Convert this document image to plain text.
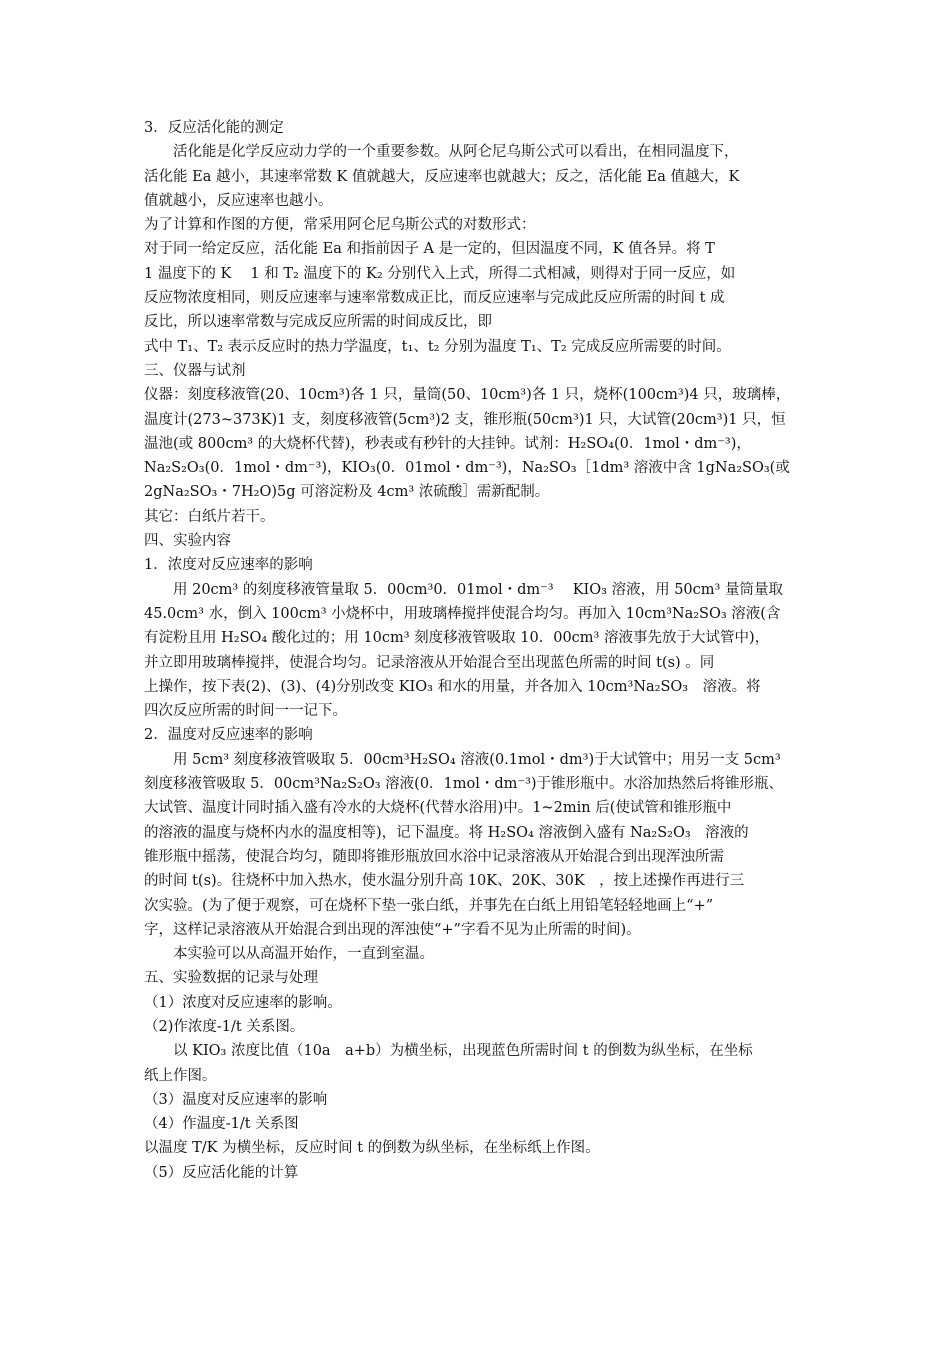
3．反应活化能的测定
活化能是化学反应动力学的一个重要参数。从阿仑尼乌斯公式可以看出，在相同温度下，
活化能 Ea 越小，其速率常数 K 值就越大，反应速率也就越大；反之，活化能 Ea 值越大，K
值就越小，反应速率也越小。
为了计算和作图的方便，常采用阿仑尼乌斯公式的对数形式：
对于同一给定反应，活化能 Ea 和指前因子 A 是一定的，但因温度不同，K 值各异。将 T
1 温度下的 K　 1 和 T₂ 温度下的 K₂ 分别代入上式，所得二式相减，则得对于同一反应，如
反应物浓度相同，则反应速率与速率常数成正比，而反应速率与完成此反应所需的时间 t 成
反比，所以速率常数与完成反应所需的时间成反比，即
式中 T₁、T₂ 表示反应时的热力学温度，t₁、t₂ 分别为温度 T₁、T₂ 完成反应所需要的时间。
三、仪器与试剂
仪器：刻度移液管(20、10cm³)各 1 只，量筒(50、10cm³)各 1 只，烧杯(100cm³)4 只，玻璃棒，
温度计(273~373K)1 支，刻度移液管(5cm³)2 支，锥形瓶(50cm³)1 只，大试管(20cm³)1 只，恒
温池(或 800cm³ 的大烧杯代替)，秒表或有秒针的大挂钟。试剂：H₂SO₄(0．1mol・dm⁻³)，
Na₂S₂O₃(0．1mol・dm⁻³)，KIO₃(0．01mol・dm⁻³)，Na₂SO₃［1dm³ 溶液中含 1gNa₂SO₃(或
2gNa₂SO₃・7H₂O)5g 可溶淀粉及 4cm³ 浓硫酸］需新配制。
其它：白纸片若干。
四、实验内容
1．浓度对反应速率的影响
用 20cm³ 的刻度移液管量取 5．00cm³0．01mol・dm⁻³　 KIO₃ 溶液，用 50cm³ 量筒量取
45.0cm³ 水，倒入 100cm³ 小烧杯中，用玻璃棒搅拌使混合均匀。再加入 10cm³Na₂SO₃ 溶液(含
有淀粉且用 H₂SO₄ 酸化过的；用 10cm³ 刻度移液管吸取 10．00cm³ 溶液事先放于大试管中)，
并立即用玻璃棒搅拌，使混合均匀。记录溶液从开始混合至出现蓝色所需的时间 t(s) 。同
上操作，按下表(2)、(3)、(4)分别改变 KIO₃ 和水的用量，并各加入 10cm³Na₂SO₃　溶液。将
四次反应所需的时间一一记下。
2．温度对反应速率的影响
用 5cm³ 刻度移液管吸取 5．00cm³H₂SO₄ 溶液(0.1mol・dm³)于大试管中；用另一支 5cm³
刻度移液管吸取 5．00cm³Na₂S₂O₃ 溶液(0．1mol・dm⁻³)于锥形瓶中。水浴加热然后将锥形瓶、
大试管、温度计同时插入盛有冷水的大烧杯(代替水浴用)中。1~2min 后(使试管和锥形瓶中
的溶液的温度与烧杯内水的温度相等)，记下温度。将 H₂SO₄ 溶液倒入盛有 Na₂S₂O₃　溶液的
锥形瓶中摇荡，使混合均匀，随即将锥形瓶放回水浴中记录溶液从开始混合到出现浑浊所需
的时间 t(s)。往烧杯中加入热水，使水温分别升高 10K、20K、30K　，按上述操作再进行三
次实验。(为了便于观察，可在烧杯下垫一张白纸，并事先在白纸上用铅笔轻轻地画上“+”
字，这样记录溶液从开始混合到出现的浑浊使“+”字看不见为止所需的时间)。
本实验可以从高温开始作，一直到室温。
五、实验数据的记录与处理
（1）浓度对反应速率的影响。
（2)作浓度-1/t 关系图。
以 KIO₃ 浓度比值（10a　a+b）为横坐标，出现蓝色所需时间 t 的倒数为纵坐标，在坐标
纸上作图。
（3）温度对反应速率的影响
（4）作温度-1/t 关系图
以温度 T/K 为横坐标，反应时间 t 的倒数为纵坐标，在坐标纸上作图。
（5）反应活化能的计算
